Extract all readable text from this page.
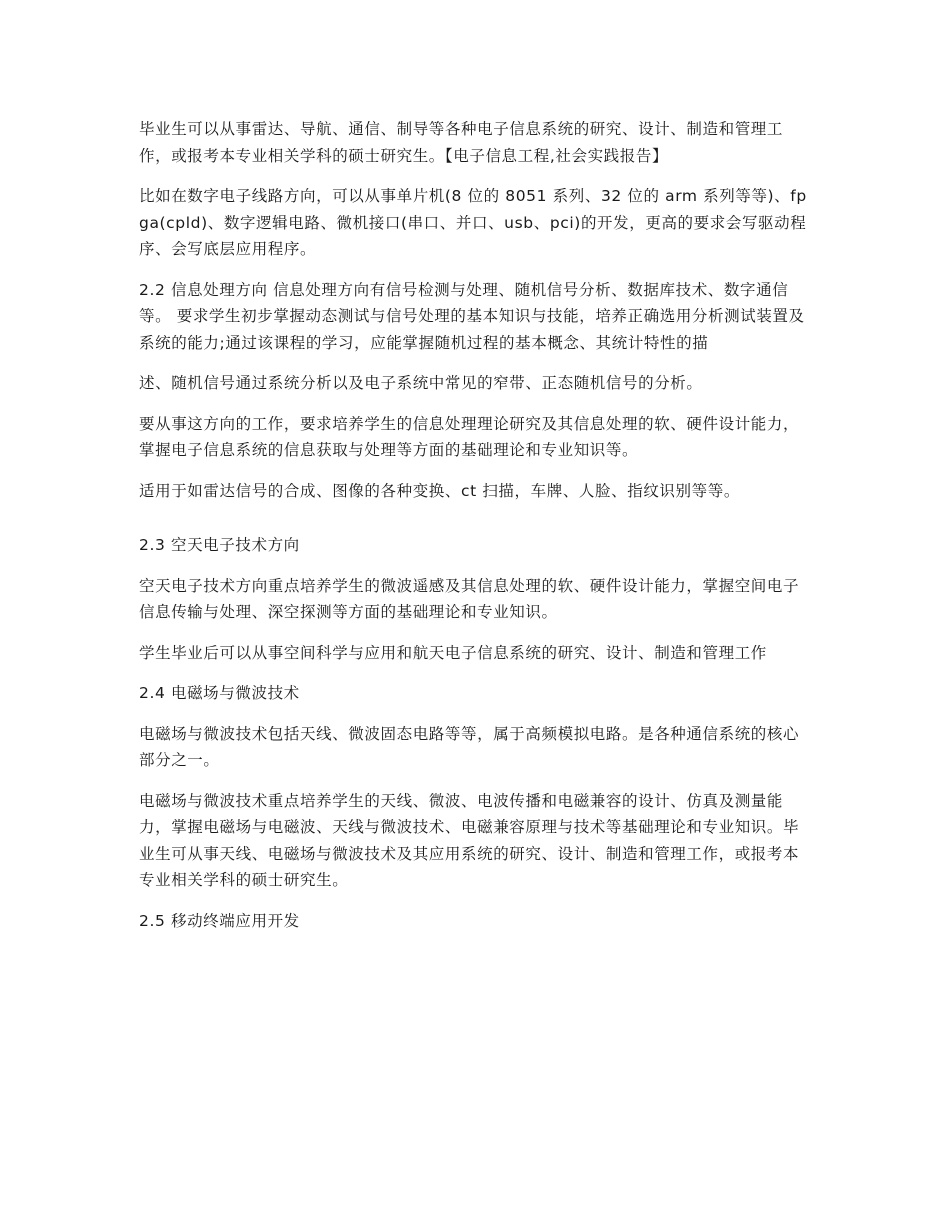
毕业生可以从事雷达、导航、通信、制导等各种电子信息系统的研究、设计、制造和管理工作，或报考本专业相关学科的硕士研究生。【电子信息工程,社会实践报告】

比如在数字电子线路方向，可以从事单片机(8 位的 8051 系列、32 位的 arm 系列等等)、fpga(cpld)、数字逻辑电路、微机接口(串口、并口、usb、pci)的开发，更高的要求会写驱动程序、会写底层应用程序。

2.2 信息处理方向 信息处理方向有信号检测与处理、随机信号分析、数据库技术、数字通信等。 要求学生初步掌握动态测试与信号处理的基本知识与技能，培养正确选用分析测试装置及系统的能力;通过该课程的学习，应能掌握随机过程的基本概念、其统计特性的描

述、随机信号通过系统分析以及电子系统中常见的窄带、正态随机信号的分析。

要从事这方向的工作，要求培养学生的信息处理理论研究及其信息处理的软、硬件设计能力，掌握电子信息系统的信息获取与处理等方面的基础理论和专业知识等。

适用于如雷达信号的合成、图像的各种变换、ct 扫描，车牌、人脸、指纹识别等等。

2.3 空天电子技术方向

空天电子技术方向重点培养学生的微波遥感及其信息处理的软、硬件设计能力，掌握空间电子 信息传输与处理、深空探测等方面的基础理论和专业知识。

学生毕业后可以从事空间科学与应用和航天电子信息系统的研究、设计、制造和管理工作

2.4 电磁场与微波技术

电磁场与微波技术包括天线、微波固态电路等等，属于高频模拟电路。是各种通信系统的核心部分之一。

电磁场与微波技术重点培养学生的天线、微波、电波传播和电磁兼容的设计、仿真及测量能力，掌握电磁场与电磁波、天线与微波技术、电磁兼容原理与技术等基础理论和专业知识。毕业生可从事天线、电磁场与微波技术及其应用系统的研究、设计、制造和管理工作，或报考本专业相关学科的硕士研究生。

2.5 移动终端应用开发
